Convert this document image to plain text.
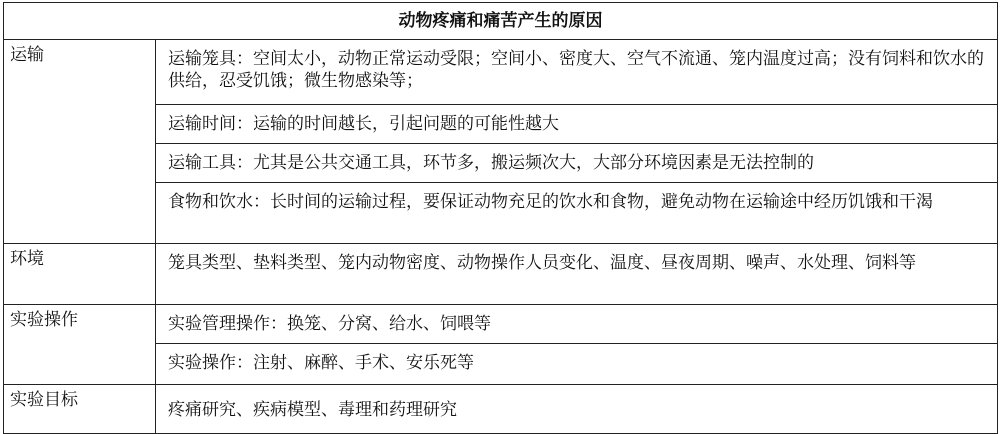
动物疼痛和痛苦产生的原因	
运输	运输笼具：空间太小，动物正常运动受限；空间小、密度大、空气不流通、笼内温度过高；没有饲料和饮水的供给，忍受饥饿；微生物感染等；

	运输时间：运输的时间越长，引起问题的可能性越大

	运输工具：尤其是公共交通工具，环节多，搬运频次大，大部分环境因素是无法控制的

	食物和饮水：长时间的运输过程，要保证动物充足的饮水和食物，避免动物在运输途中经历饥饿和干渴

环境	笼具类型、垫料类型、笼内动物密度、动物操作人员变化、温度、昼夜周期、噪声、水处理、饲料等

实验操作	实验管理操作：换笼、分窝、给水、饲喂等

	实验操作：注射、麻醉、手术、安乐死等

实验目标	疼痛研究、疾病模型、毒理和药理研究
